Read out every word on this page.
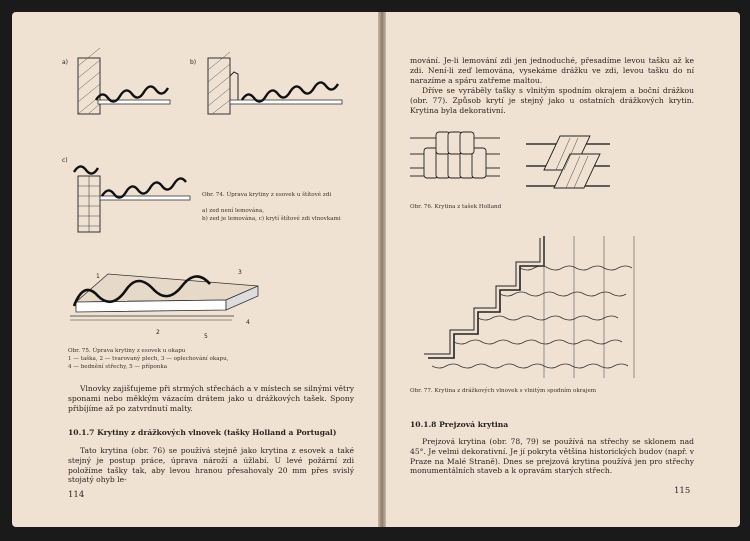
a)	b)
c)
Obr. 74. Úprava krytiny z esovek u štítové zdi
a) zed není lemována,
b) zed je lemována, c) krytí štítové zdi vlnovkami
3
1
2
5
4
Obr. 75. Úprava krytiny z esovek u okapu
1 — taška, 2 — tvarovaný plech, 3 — oplechování okapu,
4 — bednění střechy, 5 — příponka
Vlnovky zajišťujeme při strmých střechách a v místech se silnými větry sponami nebo měkkým vázacím drátem jako u drážkových tašek. Spony přibíjíme až po zatvrdnutí malty.
10.1.7 Krytiny z drážkových vlnovek (tašky Holland a Portugal)
Tato krytina (obr. 76) se používá stejně jako krytina z esovek a také stejný je postup práce, úprava nároží a úžlabí. U levé požární zdi položíme tašky tak, aby levou hranou přesahovaly 20 mm přes svislý stojatý ohyb le-
114
mování. Je-li lemování zdi jen jednoduché, přesadíme levou tašku až ke zdi. Není-li zeď lemována, vysekáme drážku ve zdi, levou tašku do ní narazíme a spáru zatřeme maltou.
Dříve se vyráběly tašky s vlnitým spodním okrajem a boční drážkou (obr. 77). Způsob krytí je stejný jako u ostatních drážkových krytin. Krytina byla dekorativní.
Obr. 76. Krytina z tašek Holland
Obr. 77. Krytina z drážkových vlnovek s vlnitým spodním okrajem
10.1.8 Prejzová krytina
Prejzová krytina (obr. 78, 79) se používá na střechy se sklonem nad 45°. Je velmi dekorativní. Je jí pokryta většina historických budov (např. v Praze na Malé Straně). Dnes se prejzová krytina používá jen pro střechy monumentálních staveb a k opravám starých střech.
115
